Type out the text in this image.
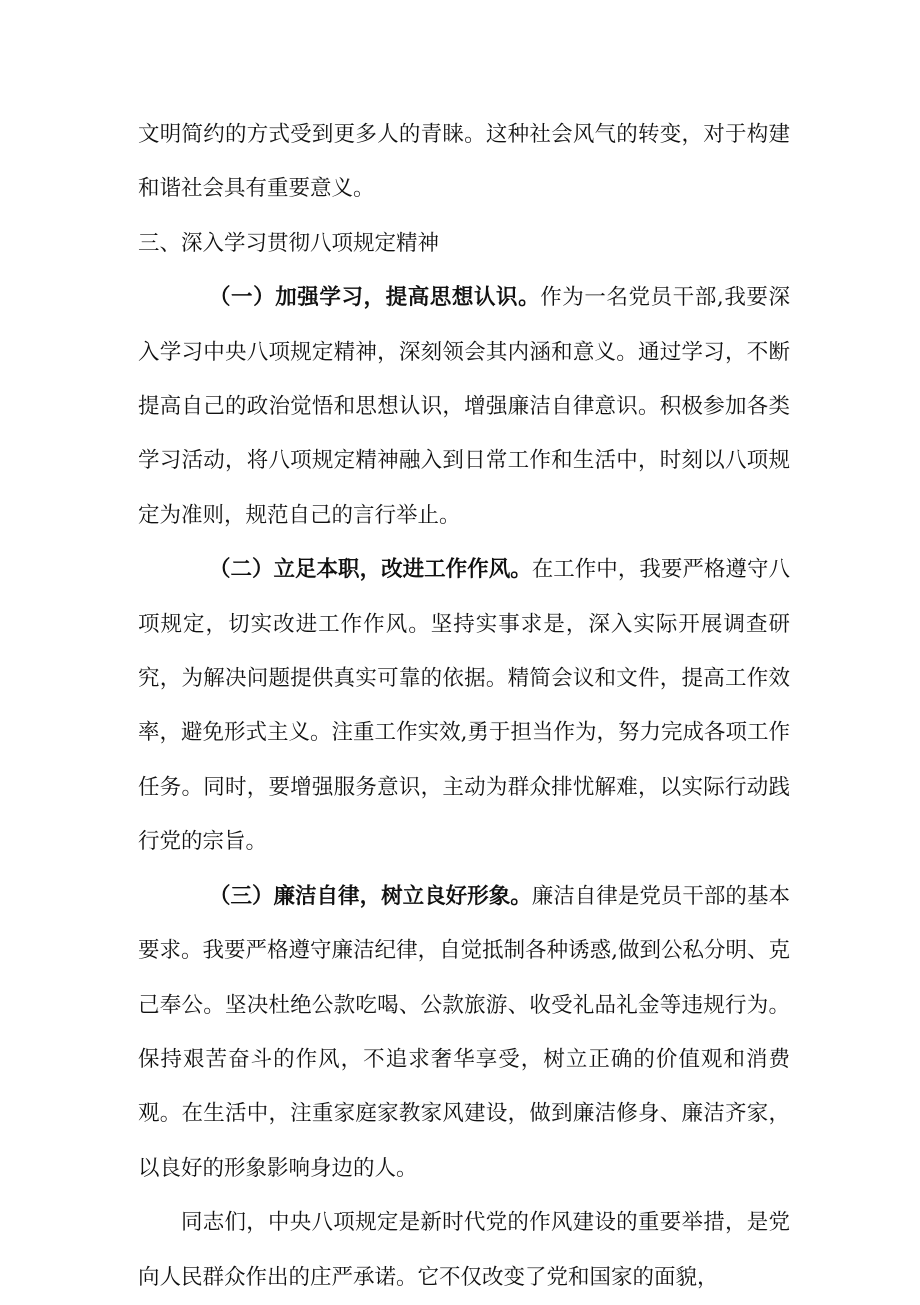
文明简约的方式受到更多人的青睐。这种社会风气的转变，对于构建和谐社会具有重要意义。

三、深入学习贯彻八项规定精神

（一）加强学习，提高思想认识。作为一名党员干部,我要深入学习中央八项规定精神，深刻领会其内涵和意义。通过学习，不断提高自己的政治觉悟和思想认识，增强廉洁自律意识。积极参加各类学习活动，将八项规定精神融入到日常工作和生活中，时刻以八项规定为准则，规范自己的言行举止。

（二）立足本职，改进工作作风。在工作中，我要严格遵守八项规定，切实改进工作作风。坚持实事求是，深入实际开展调查研究，为解决问题提供真实可靠的依据。精简会议和文件，提高工作效率，避免形式主义。注重工作实效,勇于担当作为，努力完成各项工作任务。同时，要增强服务意识，主动为群众排忧解难，以实际行动践行党的宗旨。

（三）廉洁自律，树立良好形象。廉洁自律是党员干部的基本要求。我要严格遵守廉洁纪律，自觉抵制各种诱惑,做到公私分明、克己奉公。坚决杜绝公款吃喝、公款旅游、收受礼品礼金等违规行为。保持艰苦奋斗的作风，不追求奢华享受，树立正确的价值观和消费观。在生活中，注重家庭家教家风建设，做到廉洁修身、廉洁齐家，以良好的形象影响身边的人。

同志们，中央八项规定是新时代党的作风建设的重要举措，是党向人民群众作出的庄严承诺。它不仅改变了党和国家的面貌，
